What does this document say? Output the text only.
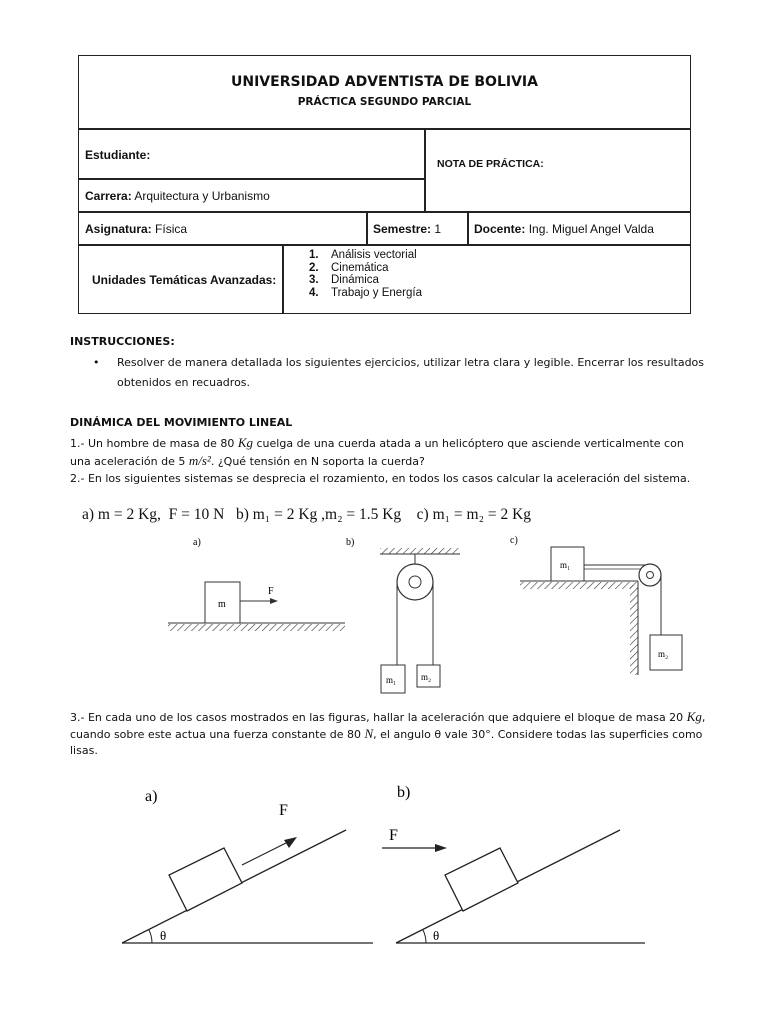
UNIVERSIDAD ADVENTISTA DE BOLIVIA
PRÁCTICA SEGUNDO PARCIAL
Estudiante:
NOTA DE PRÁCTICA:
Carrera: Arquitectura y Urbanismo
Asignatura: Física	Semestre: 1	Docente: Ing. Miguel Angel Valda
Unidades Temáticas Avanzadas:
1. Análisis vectorial
2. Cinemática
3. Dinámica
4. Trabajo y Energía
INSTRUCCIONES:
• Resolver de manera detallada los siguientes ejercicios, utilizar letra clara y legible. Encerrar los resultados
obtenidos en recuadros.
DINÁMICA DEL MOVIMIENTO LINEAL
1.- Un hombre de masa de 80 Kg cuelga de una cuerda atada a un helicóptero que asciende verticalmente con
una aceleración de 5 m/s². ¿Qué tensión en N soporta la cuerda?
2.- En los siguientes sistemas se desprecia el rozamiento, en todos los casos calcular la aceleración del sistema.
a) m = 2 Kg,  F = 10 N   b) m₁ = 2 Kg ,m₂ = 1.5 Kg    c) m₁ = m₂ = 2 Kg
a)
m
F
b)
m₁	m₂
c)
m₁
m₂
3.- En cada uno de los casos mostrados en las figuras, hallar la aceleración que adquiere el bloque de masa 20 Kg,
cuando sobre este actua una fuerza constante de 80 N, el angulo θ vale 30°. Considere todas las superficies como
lisas.
a)
θ
F
b)
θ
F
